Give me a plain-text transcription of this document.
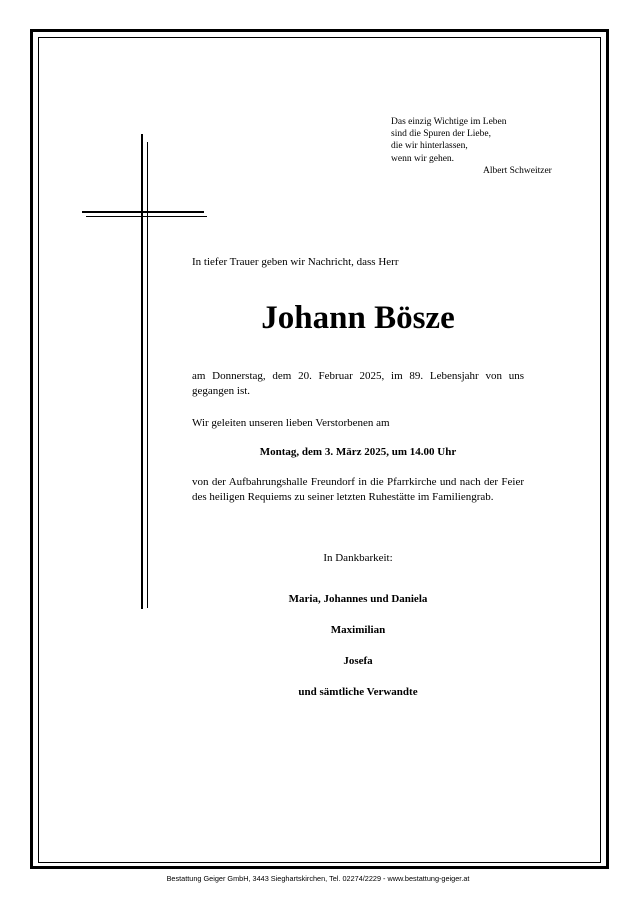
Das einzig Wichtige im Leben
sind die Spuren der Liebe,
die wir hinterlassen,
wenn wir gehen.
Albert Schweitzer
In tiefer Trauer geben wir Nachricht, dass Herr
Johann Bösze
am Donnerstag, dem 20. Februar 2025, im 89. Lebensjahr von uns gegangen ist.
Wir geleiten unseren lieben Verstorbenen am
Montag, dem 3. März 2025, um 14.00 Uhr
von der Aufbahrungshalle Freundorf in die Pfarrkirche und nach der Feier des heiligen Requiems zu seiner letzten Ruhestätte im Familiengrab.
In Dankbarkeit:
Maria, Johannes und Daniela
Maximilian
Josefa
und sämtliche Verwandte
Bestattung Geiger GmbH, 3443 Sieghartskirchen, Tel. 02274/2229 - www.bestattung-geiger.at
